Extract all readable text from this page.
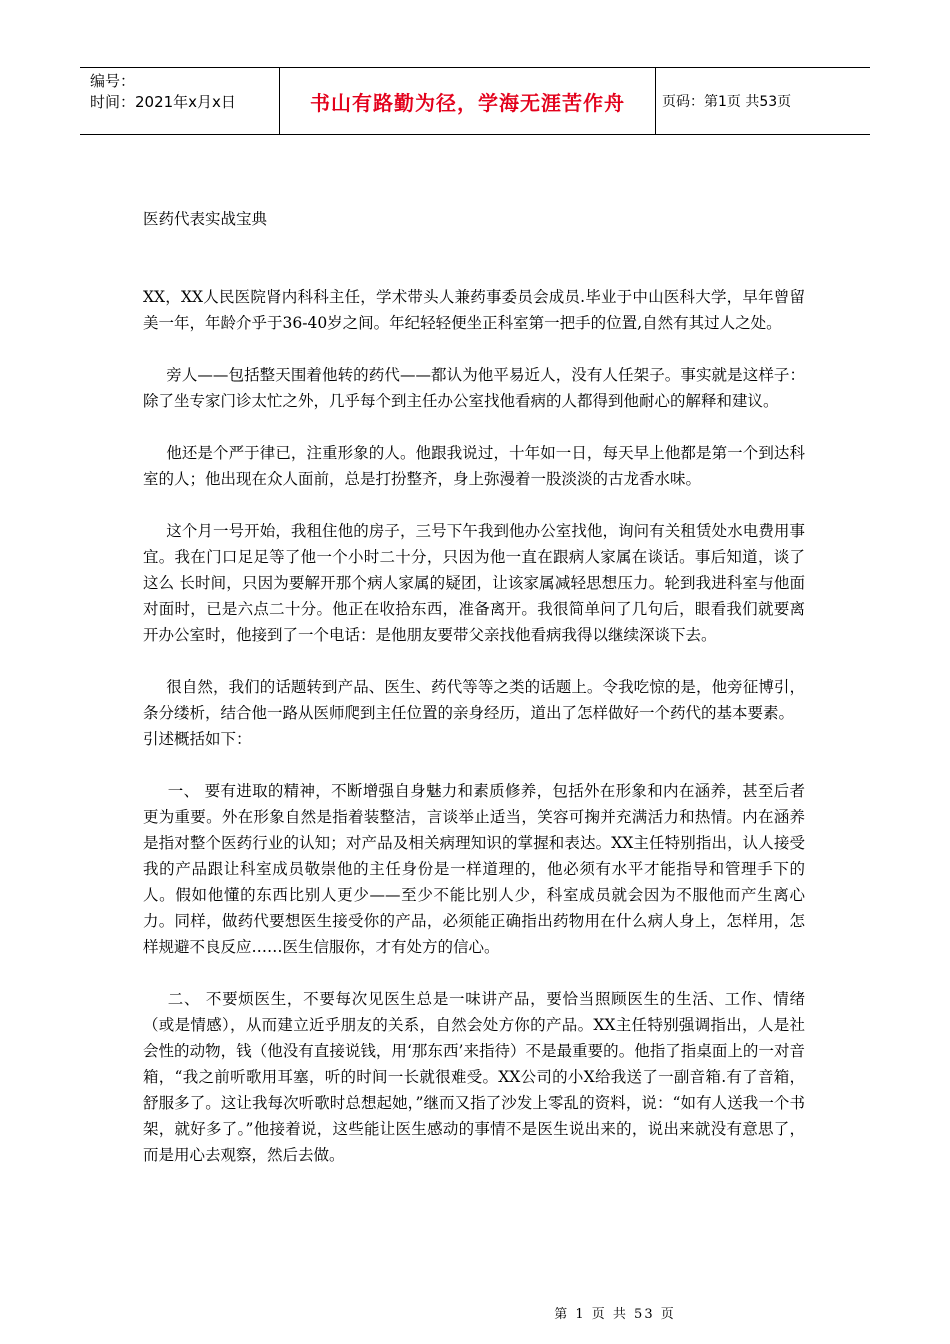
编号：
时间：2021年x月x日	书山有路勤为径，学海无涯苦作舟	页码：第1页 共53页
医药代表实战宝典

XX，XX人民医院肾内科科主任，学术带头人兼药事委员会成员.毕业于中山医科大学，早年曾留美一年，年龄介乎于36-40岁之间。年纪轻轻便坐正科室第一把手的位置,自然有其过人之处。

旁人——包括整天围着他转的药代——都认为他平易近人，没有人任架子。事实就是这样子：除了坐专家门诊太忙之外，几乎每个到主任办公室找他看病的人都得到他耐心的解释和建议。

他还是个严于律已，注重形象的人。他跟我说过，十年如一日，每天早上他都是第一个到达科室的人；他出现在众人面前，总是打扮整齐，身上弥漫着一股淡淡的古龙香水味。

这个月一号开始，我租住他的房子，三号下午我到他办公室找他，询问有关租赁处水电费用事宜。我在门口足足等了他一个小时二十分，只因为他一直在跟病人家属在谈话。事后知道，谈了这么 长时间，只因为要解开那个病人家属的疑团，让该家属减轻思想压力。轮到我进科室与他面对面时，已是六点二十分。他正在收拾东西，准备离开。我很简单问了几句后，眼看我们就要离开办公室时，他接到了一个电话：是他朋友要带父亲找他看病我得以继续深谈下去。

很自然，我们的话题转到产品、医生、药代等等之类的话题上。令我吃惊的是，他旁征博引，条分缕析，结合他一路从医师爬到主任位置的亲身经历，道出了怎样做好一个药代的基本要素。

引述概括如下：

一、 要有进取的精神，不断增强自身魅力和素质修养，包括外在形象和内在涵养，甚至后者更为重要。外在形象自然是指着装整洁，言谈举止适当，笑容可掬并充满活力和热情。内在涵养是指对整个医药行业的认知；对产品及相关病理知识的掌握和表达。XX主任特别指出，认人接受我的产品跟让科室成员敬崇他的主任身份是一样道理的，他必须有水平才能指导和管理手下的人。假如他懂的东西比别人更少——至少不能比别人少，科室成员就会因为不服他而产生离心力。同样，做药代要想医生接受你的产品，必须能正确指出药物用在什么病人身上，怎样用，怎样规避不良反应……医生信服你，才有处方的信心。

二、 不要烦医生，不要每次见医生总是一味讲产品，要恰当照顾医生的生活、工作、情绪（或是情感），从而建立近乎朋友的关系，自然会处方你的产品。XX主任特别强调指出，人是社会性的动物，钱（他没有直接说钱，用‘那东西’来指待）不是最重要的。他指了指桌面上的一对音箱，“我之前听歌用耳塞，听的时间一长就很难受。XX公司的小X给我送了一副音箱.有了音箱，舒服多了。这让我每次听歌时总想起她，”继而又指了沙发上零乱的资料，说：“如有人送我一个书架，就好多了。”他接着说，这些能让医生感动的事情不是医生说出来的，说出来就没有意思了，而是用心去观察，然后去做。

第 1 页 共 53 页
